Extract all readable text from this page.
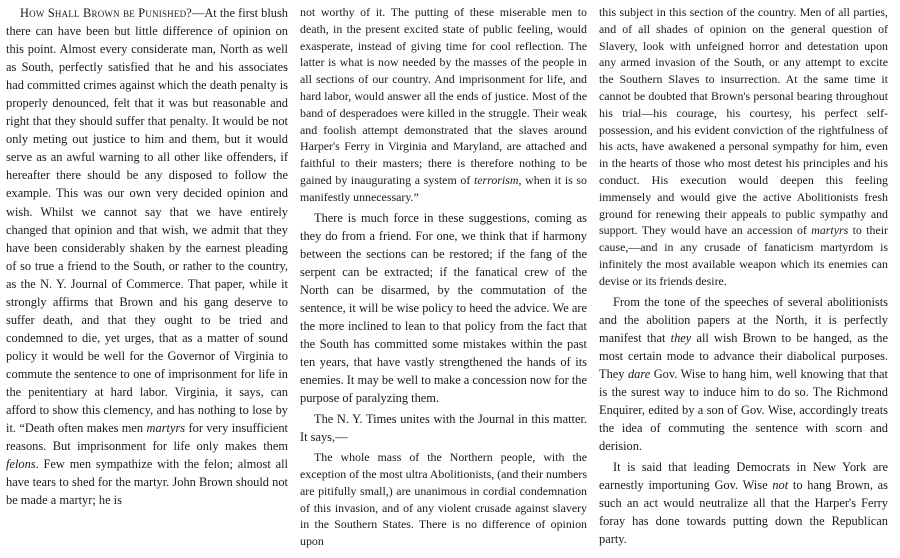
How Shall Brown be Punished?—At the first blush there can have been but little difference of opinion on this point. Almost every considerate man, North as well as South, perfectly satisfied that he and his associates had committed crimes against which the death penalty is properly denounced, felt that it was but reasonable and right that they should suffer that penalty. It would be not only meting out justice to him and them, but it would serve as an awful warning to all other like offenders, if hereafter there should be any disposed to follow the example. This was our own very decided opinion and wish. Whilst we cannot say that we have entirely changed that opinion and that wish, we admit that they have been considerably shaken by the earnest pleading of so true a friend to the South, or rather to the country, as the N. Y. Journal of Commerce. That paper, while it strongly affirms that Brown and his gang deserve to suffer death, and that they ought to be tried and condemned to die, yet urges, that as a matter of sound policy it would be well for the Governor of Virginia to commute the sentence to one of imprisonment for life in the penitentiary at hard labor. Virginia, it says, can afford to show this clemency, and has nothing to lose by it. “Death often makes men martyrs for very insufficient reasons. But imprisonment for life only makes them felons. Few men sympathize with the felon; almost all have tears to shed for the martyr. John Brown should not be made a martyr; he is

not worthy of it. The putting of these miserable men to death, in the present excited state of public feeling, would exasperate, instead of giving time for cool reflection. The latter is what is now needed by the masses of the people in all sections of our country. And imprisonment for life, and hard labor, would answer all the ends of justice. Most of the band of desperadoes were killed in the struggle. Their weak and foolish attempt demonstrated that the slaves around Harper's Ferry in Virginia and Maryland, are attached and faithful to their masters; there is therefore nothing to be gained by inaugurating a system of terrorism, when it is so manifestly unnecessary.”

There is much force in these suggestions, coming as they do from a friend. For one, we think that if harmony between the sections can be restored; if the fang of the serpent can be extracted; if the fanatical crew of the North can be disarmed, by the commutation of the sentence, it will be wise policy to heed the advice. We are the more inclined to lean to that policy from the fact that the South has committed some mistakes within the past ten years, that have vastly strengthened the hands of its enemies. It may be well to make a concession now for the purpose of paralyzing them.

The N. Y. Times unites with the Journal in this matter. It says,—

The whole mass of the Northern people, with the exception of the most ultra Abolitionists, (and their numbers are pitifully small,) are unanimous in cordial condemnation of this invasion, and of any violent crusade against slavery in the Southern States. There is no difference of opinion upon

this subject in this section of the country. Men of all parties, and of all shades of opinion on the general question of Slavery, look with unfeigned horror and detestation upon any armed invasion of the South, or any attempt to excite the Southern Slaves to insurrection. At the same time it cannot be doubted that Brown's personal bearing throughout his trial—his courage, his courtesy, his perfect self-possession, and his evident conviction of the rightfulness of his acts, have awakened a personal sympathy for him, even in the hearts of those who most detest his principles and his conduct. His execution would deepen this feeling immensely and would give the active Abolitionists fresh ground for renewing their appeals to public sympathy and support. They would have an accession of martyrs to their cause,—and in any crusade of fanaticism martyrdom is infinitely the most available weapon which its enemies can devise or its friends desire.

From the tone of the speeches of several abolitionists and the abolition papers at the North, it is perfectly manifest that they all wish Brown to be hanged, as the most certain mode to advance their diabolical purposes. They dare Gov. Wise to hang him, well knowing that that is the surest way to induce him to do so. The Richmond Enquirer, edited by a son of Gov. Wise, accordingly treats the idea of commuting the sentence with scorn and derision.

It is said that leading Democrats in New York are earnestly importuning Gov. Wise not to hang Brown, as such an act would neutralize all that the Harper's Ferry foray has done towards putting down the Republican party.
